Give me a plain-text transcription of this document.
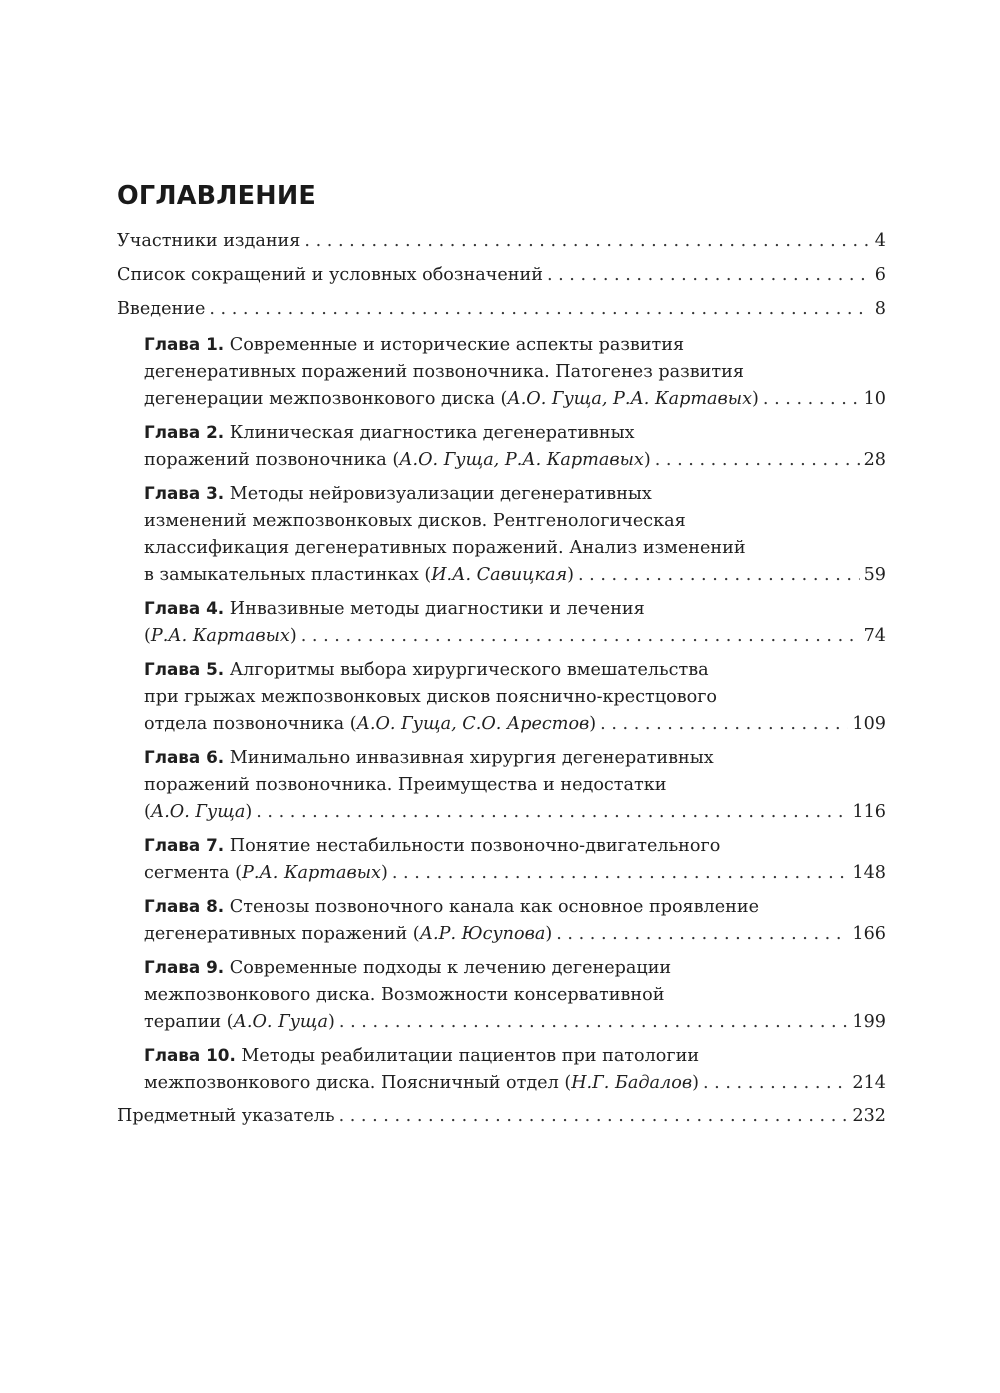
ОГЛАВЛЕНИЕ
Участники издания . . .	4
Список сокращений и условных обозначений . . .	6
Введение . . .	8
Глава 1. Современные и исторические аспекты развития
дегенеративных поражений позвоночника. Патогенез развития
дегенерации межпозвонкового диска (А.О. Гуща, Р.А. Картавых) . . .	10
Глава 2. Клиническая диагностика дегенеративных
поражений позвоночника (А.О. Гуща, Р.А. Картавых) . . .	28
Глава 3. Методы нейровизуализации дегенеративных
изменений межпозвонковых дисков. Рентгенологическая
классификация дегенеративных поражений. Анализ изменений
в замыкательных пластинках (И.А. Савицкая) . . .	59
Глава 4. Инвазивные методы диагностики и лечения
(Р.А. Картавых) . . .	74
Глава 5. Алгоритмы выбора хирургического вмешательства
при грыжах межпозвонковых дисков пояснично-крестцового
отдела позвоночника (А.О. Гуща, С.О. Арестов) . . .	109
Глава 6. Минимально инвазивная хирургия дегенеративных
поражений позвоночника. Преимущества и недостатки
(А.О. Гуща) . . .	116
Глава 7. Понятие нестабильности позвоночно-двигательного
сегмента (Р.А. Картавых) . . .	148
Глава 8. Стенозы позвоночного канала как основное проявление
дегенеративных поражений (А.Р. Юсупова) . . .	166
Глава 9. Современные подходы к лечению дегенерации
межпозвонкового диска. Возможности консервативной
терапии (А.О. Гуща) . . .	199
Глава 10. Методы реабилитации пациентов при патологии
межпозвонкового диска. Поясничный отдел (Н.Г. Бадалов) . . .	214
Предметный указатель . . .	232
